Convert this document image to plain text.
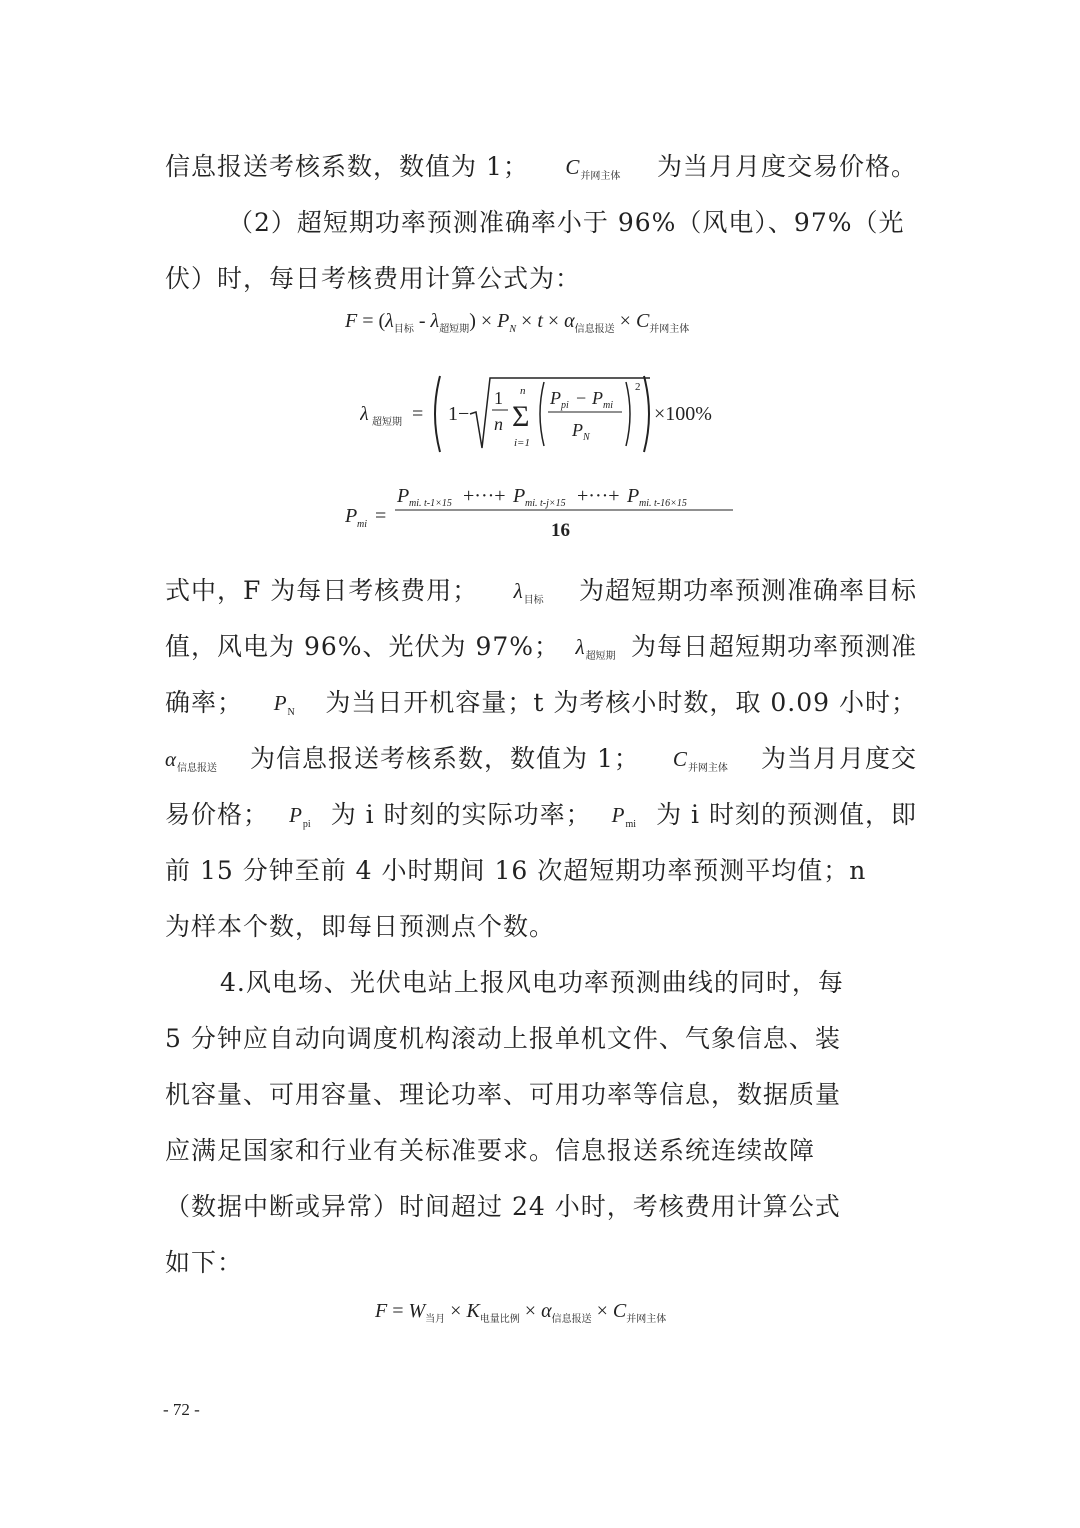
信息报送考核系数，数值为 1； $C_{并网主体}$ 为当月月度交易价格。
（2）超短期功率预测准确率小于 96%（风电）、97%（光
伏）时，每日考核费用计算公式为：
$F = (\lambda_{目标} - \lambda_{超短期}) \times P_N \times t \times \alpha_{信息报送} \times C_{并网主体}$
λ 超短期 = 1−
1
n Σ
n
i=1
P pi − P mi
P N
2
×100%
P mi =
P mi. t-1×15 +···+ P mi. t-j×15 +···+ P mi. t-16×15
16
式中，F 为每日考核费用； $\lambda_{目标}$ 为超短期功率预测准确率目标
值，风电为 96%、光伏为 97%； $\lambda_{超短期}$ 为每日超短期功率预测准
确率； $P_N$ 为当日开机容量；t 为考核小时数，取 0.09 小时；
$\alpha_{信息报送}$ 为信息报送考核系数，数值为 1； $C_{并网主体}$ 为当月月度交
易价格； $P_{pi}$ 为 i 时刻的实际功率； $P_{mi}$ 为 i 时刻的预测值，即
前 15 分钟至前 4 小时期间 16 次超短期功率预测平均值；n
为样本个数，即每日预测点个数。
4.风电场、光伏电站上报风电功率预测曲线的同时，每
5 分钟应自动向调度机构滚动上报单机文件、气象信息、装
机容量、可用容量、理论功率、可用功率等信息，数据质量
应满足国家和行业有关标准要求。信息报送系统连续故障
（数据中断或异常）时间超过 24 小时，考核费用计算公式
如下：
$F = W_{当月} \times K_{电量比例} \times \alpha_{信息报送} \times C_{并网主体}$
- 72 -
